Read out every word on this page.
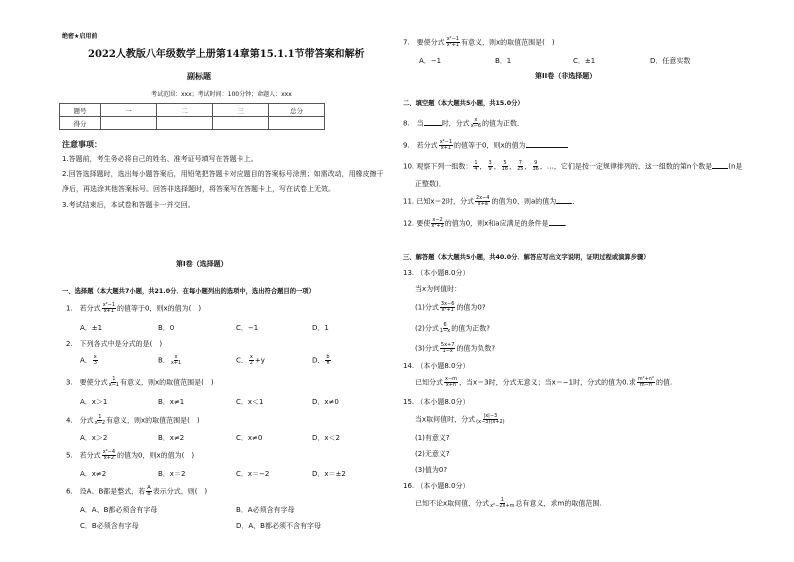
绝密★启用前
2022人教版八年级数学上册第14章第15.1.1节带答案和解析
副标题
考试范围：xxx；考试时间：100分钟；命题人：xxx
题号	一	二	三	总分
得分				
注意事项：
1.答题前，考生务必将自己的姓名、准考证号填写在答题卡上。
2.回答选择题时，选出每小题答案后，用铅笔把答题卡对应题目的答案标号涂黑；如需改动，用橡皮擦干
净后，再选涂其他答案标号。回答非选择题时，将答案写在答题卡上，写在试卷上无效。
3.考试结束后，本试卷和答题卡一并交回。
第I卷（选择题）
一、选择题（本大题共7小题，共21.0分．在每小题列出的选项中，选出符合题目的一项）
1.　若分式 $\frac{\text{x²−1}}{x+1}$ 的值等于0，则x的值为(　)
A．±1	B．0	C．−1	D．1
2.　下列各式中是分式的是(　)
A． $\frac{x}{3}$	B． $\frac{x}{x+1}$	C． $\frac{x}{2} +y$	D． $\frac{b}{\pi}$
3.　要使分式 $\frac{1}{x-1}$ 有意义，则x的取值范围是(　)
A．x＞1	B．x≠1	C．x＜1	D．x≠0
4.　分式 $\frac{1}{x-2}$ 有意义，则x的取值范围是(　)
A．x＞2	B．x≠2	C．x≠0	D．x＜2
5.　若分式 $\frac{\text{x²−4}}{x+2}$ 的值为0，则x的值为(　)
A．x≠2	B．x＝2	C．x＝−2	D．x＝±2
6.　设A、B都是整式，若 $\frac{A}{B}$ 表示分式，则(　)
A．A、B都必须含有字母	B．A必须含有字母
C．B必须含有字母	D．A、B都必须不含有字母
7.　要使分式 $\frac{\text{x²−1}}{\text{x²+1}}$ 有意义，则x的取值范围是(　)
A．−1	B．1	C．±1	D．任意实数
第II卷（非选择题）
二、填空题（本大题共5小题，共15.0分）
8.　当	时，分式 $\frac{x}{x-6}$ 的值为正数．
9.　若分式 $\frac{\text{x²−1}}{x+1}$ 的值等于0，则x的值为
10. 观察下列一组数： $\frac{1}{4}$ ， $\frac{3}{9}$ ， $\frac{5}{16}$ ， $\frac{7}{25}$ ， $\frac{9}{36}$ ，…，它们是按一定规律排列的，这一组数的第n个数是 (n是
正整数)．
11. 已知x＝2时，分式 $\frac{2x-4}{x+a}$ 的值为0，则a的值为 ．
12. 要使 $\frac{x-2}{\text{x²+3}}$ 的值为0，则x和a应满足的条件是 ．
三、解答题（本大题共5小题，共40.0分．解答应写出文字说明，证明过程或演算步骤）
13. （本小题8.0分）
当x为何值时：
(1)分式 $\frac{3x-6}{\text{x²+1}}$ 的值为0?
(2)分式 $\frac{6}{1-x}$ 的值为正数?
(3)分式 $\frac{5x+7}{1-x}$ 的值为负数?
14. （本小题8.0分）
已知分式 $\frac{x-m}{x+n}$ ，当x＝3时，分式无意义；当x＝−1时，分式的值为0.求 $\frac{\text{m²+n²}}{m-n}$ 的值.
15. （本小题8.0分）
当x取何值时，分式 $\frac{|x|-3}{(x-3)(x+2)}$
(1)有意义?
(2)无意义?
(3)值为0?
16. （本小题8.0分）
已知不论x取何值，分式 $\frac{1}{\text{x²−2x+m}}$ 总有意义，求m的取值范围.
